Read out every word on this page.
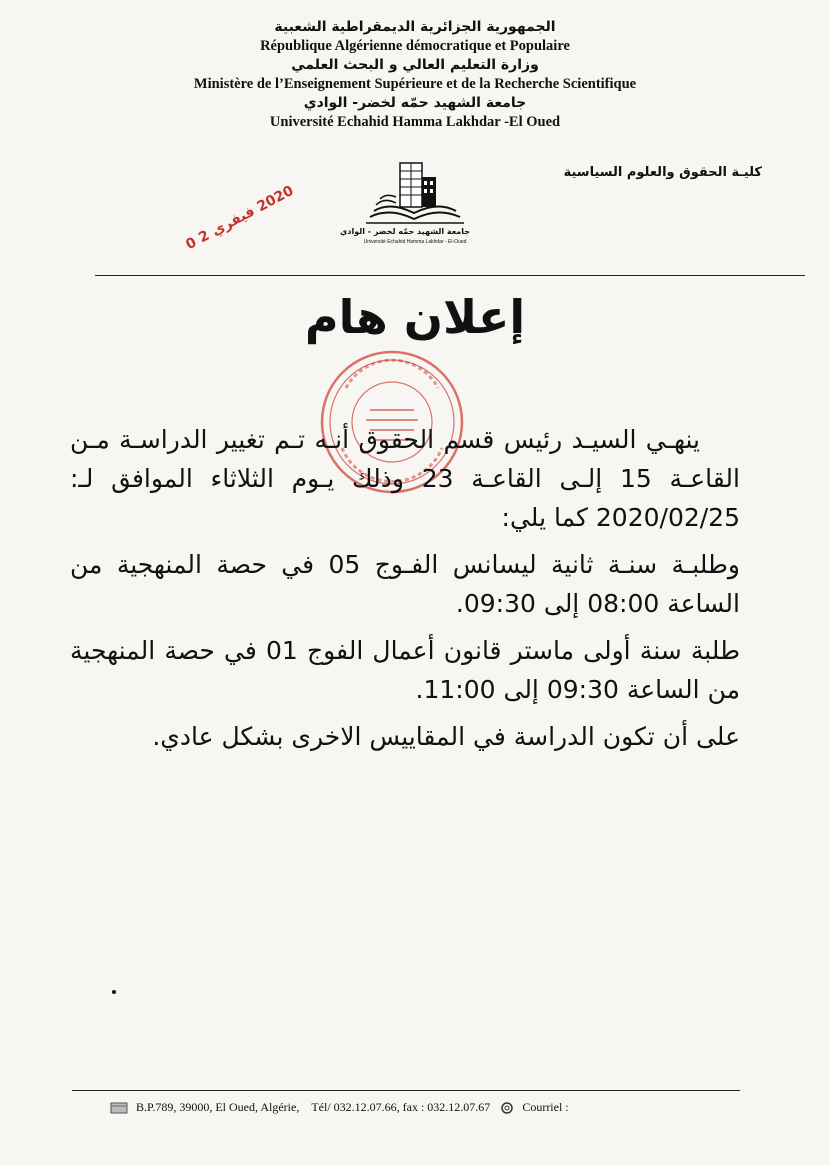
الجمهورية الجزائرية الديمقراطية الشعبية
République Algérienne démocratique et Populaire
وزارة التعليم العالي و البحث العلمي
Ministère de l’Enseignement Supérieure et de la Recherche Scientifique
جامعة الشهيد حمّه لخضر- الوادي
Université Echahid Hamma Lakhdar -El Oued
كليـة الحقوق والعلوم السياسية
جامعة الشهيد حمّه لخضر - الوادي
Université Echahid Hamma Lakhdar - El-Oued
2020 فيفري 2 0
إعلان هام

ينهـي السيـد رئيس قسم الحقوق أنـه تـم تغيير الدراسـة مـن القاعـة 15 إلـى القاعـة 23 وذلك يـوم الثلاثاء الموافق لـ: 2020/02/25 كما يلي:

وطلبـة سنـة ثانية ليسانس الفـوج 05 في حصة المنهجية من الساعة 08:00 إلى 09:30.

طلبة سنة أولى ماستر قانون أعمال الفوج 01 في حصة المنهجية من الساعة 09:30 إلى 11:00.

على أن تكون الدراسة في المقاييس الاخرى بشكل عادي.

B.P.789, 39000, El Oued, Algérie, Tél/ 032.12.07.66, fax : 032.12.07.67	Courriel :
